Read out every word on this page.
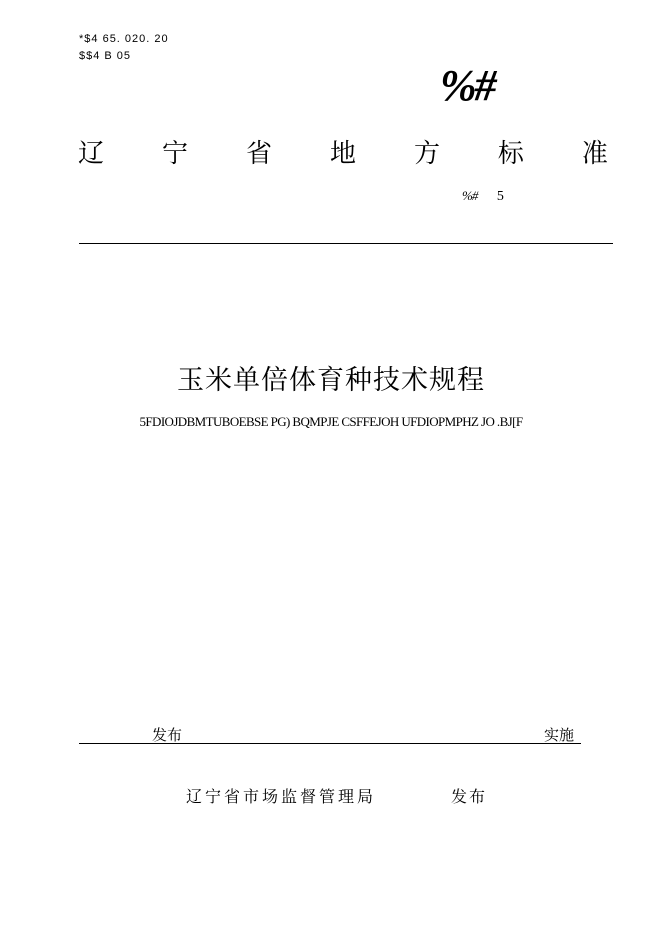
*$4 65. 020. 20
$$4 B 05
%#
辽 宁 省 地 方 标 准
%# 5
玉米单倍体育种技术规程
5FDIOJDBMTUBOEBSE PG) BQMPJE CSFFEJOH UFDIOPMPHZ JO .BJ[F
发布	实施
辽宁省市场监督管理局	发布
